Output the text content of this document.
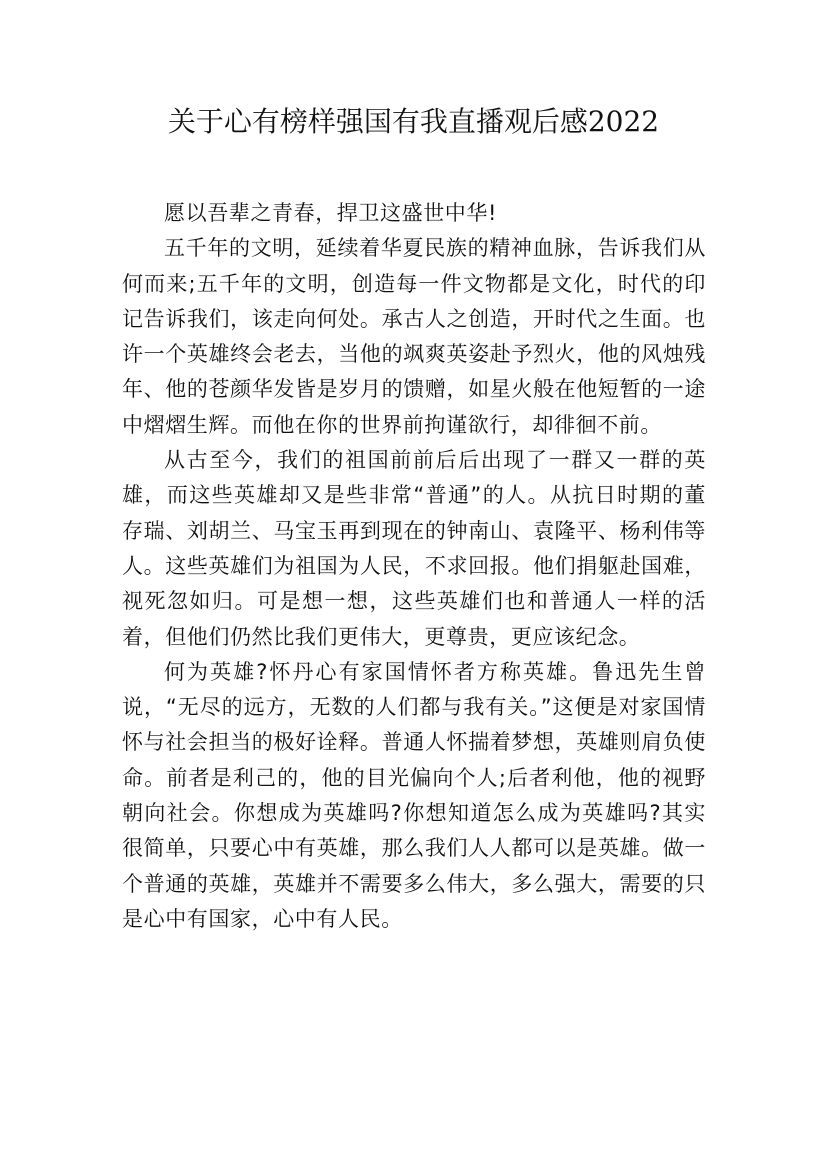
关于心有榜样强国有我直播观后感2022

愿以吾辈之青春，捍卫这盛世中华!

五千年的文明，延续着华夏民族的精神血脉，告诉我们从何而来;五千年的文明，创造每一件文物都是文化，时代的印记告诉我们，该走向何处。承古人之创造，开时代之生面。也许一个英雄终会老去，当他的飒爽英姿赴予烈火，他的风烛残年、他的苍颜华发皆是岁月的馈赠，如星火般在他短暂的一途中熠熠生辉。而他在你的世界前拘谨欲行，却徘徊不前。

从古至今，我们的祖国前前后后出现了一群又一群的英雄，而这些英雄却又是些非常“普通”的人。从抗日时期的董存瑞、刘胡兰、马宝玉再到现在的钟南山、袁隆平、杨利伟等人。这些英雄们为祖国为人民，不求回报。他们捐躯赴国难，视死忽如归。可是想一想，这些英雄们也和普通人一样的活着，但他们仍然比我们更伟大，更尊贵，更应该纪念。

何为英雄?怀丹心有家国情怀者方称英雄。鲁迅先生曾说，“无尽的远方，无数的人们都与我有关。”这便是对家国情怀与社会担当的极好诠释。普通人怀揣着梦想，英雄则肩负使命。前者是利己的，他的目光偏向个人;后者利他，他的视野朝向社会。你想成为英雄吗?你想知道怎么成为英雄吗?其实很简单，只要心中有英雄，那么我们人人都可以是英雄。做一个普通的英雄，英雄并不需要多么伟大，多么强大，需要的只是心中有国家，心中有人民。
